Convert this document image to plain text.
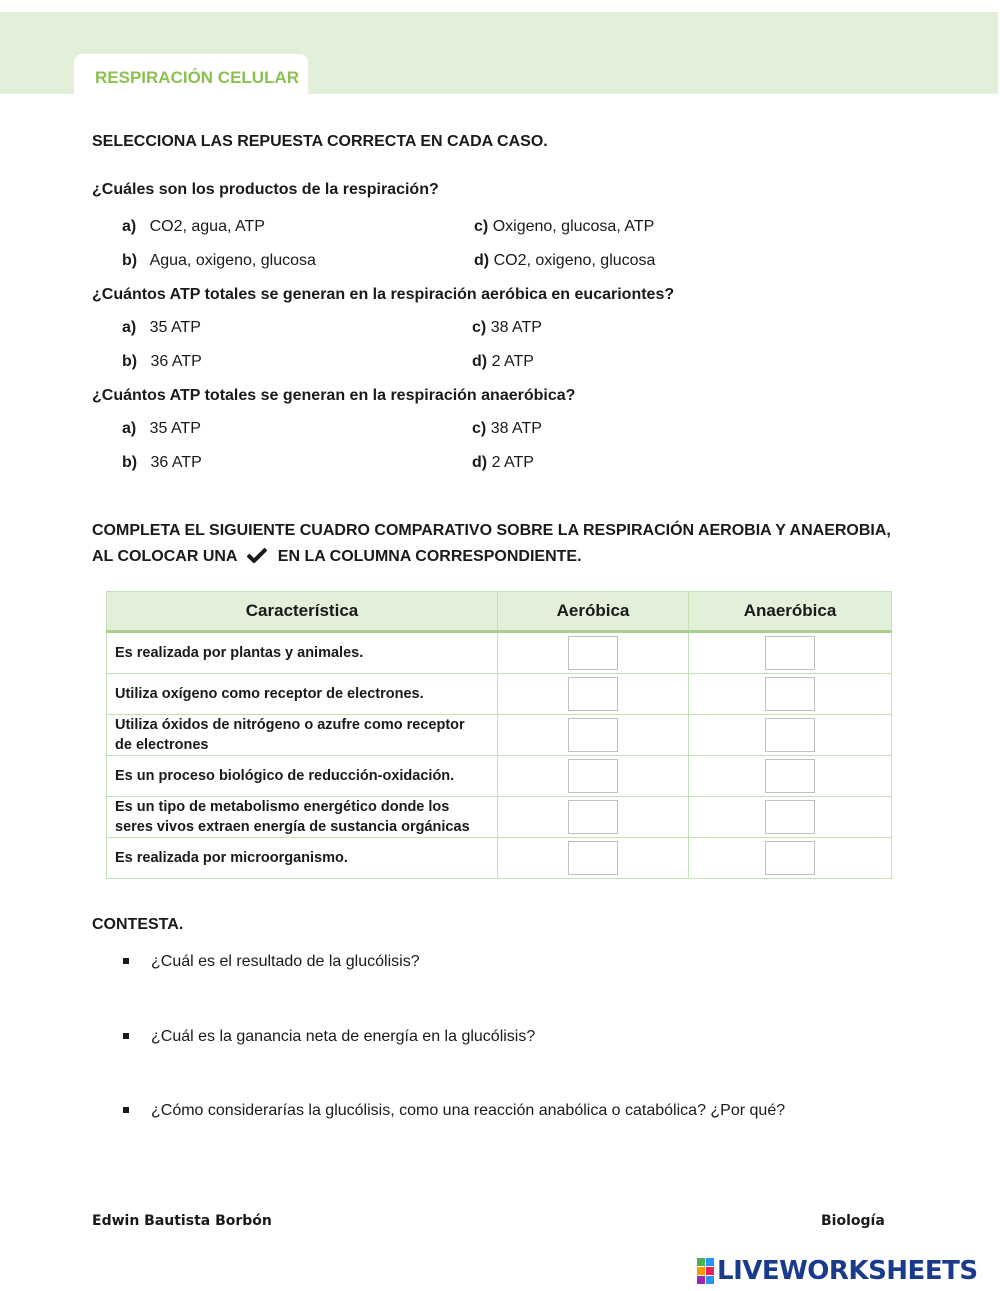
RESPIRACIÓN CELULAR
SELECCIONA LAS REPUESTA CORRECTA EN CADA CASO.
¿Cuáles son los productos de la respiración?
a) CO2, agua, ATP	c) Oxigeno, glucosa, ATP
b) Agua, oxigeno, glucosa	d) CO2, oxigeno, glucosa
¿Cuántos ATP totales se generan en la respiración aeróbica en eucariontes?
a) 35 ATP	c) 38 ATP
b) 36 ATP	d) 2 ATP
¿Cuántos ATP totales se generan en la respiración anaeróbica?
a) 35 ATP	c) 38 ATP
b) 36 ATP	d) 2 ATP
COMPLETA EL SIGUIENTE CUADRO COMPARATIVO SOBRE LA RESPIRACIÓN AEROBIA Y ANAEROBIA,
AL COLOCAR UNA	EN LA COLUMNA CORRESPONDIENTE.
Característica	Aeróbica	Anaeróbica
Es realizada por plantas y animales.		
Utiliza oxígeno como receptor de electrones.		
Utiliza óxidos de nitrógeno o azufre como receptor
de electrones		
Es un proceso biológico de reducción-oxidación.		
Es un tipo de metabolismo energético donde los
seres vivos extraen energía de sustancia orgánicas		
Es realizada por microorganismo.		
CONTESTA.
¿Cuál es el resultado de la glucólisis?
¿Cuál es la ganancia neta de energía en la glucólisis?
¿Cómo considerarías la glucólisis, como una reacción anabólica o catabólica? ¿Por qué?
Edwin Bautista Borbón	Biología
LIVEWORKSHEETS
